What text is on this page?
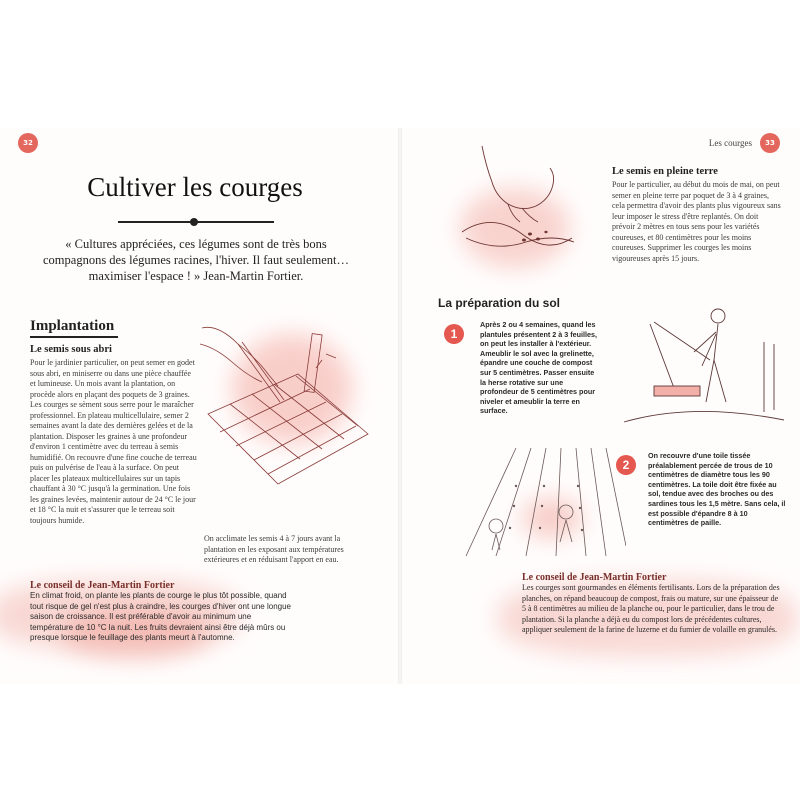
32
Cultiver les courges

« Cultures appréciées, ces légumes sont de très bons compagnons des légumes racines, l'hiver. Il faut seulement… maximiser l'espace ! » Jean-Martin Fortier.

Implantation
Le semis sous abri

Pour le jardinier particulier, on peut semer en godet sous abri, en miniserre ou dans une pièce chauffée et lumineuse. Un mois avant la plantation, on procède alors en plaçant des poquets de 3 graines. Les courges se sèment sous serre pour le maraîcher professionnel. En plateau multicellulaire, semer 2 semaines avant la date des dernières gelées et de la plantation. Disposer les graines à une profondeur d'environ 1 centimètre avec du terreau à semis humidifié. On recouvre d'une fine couche de terreau puis on pulvérise de l'eau à la surface. On peut placer les plateaux multicellulaires sur un tapis chauffant à 30 °C jusqu'à la germination. Une fois les graines levées, maintenir autour de 24 °C le jour et 18 °C la nuit et s'assurer que le terreau soit toujours humide.

On acclimate les semis 4 à 7 jours avant la plantation en les exposant aux températures extérieures et en réduisant l'apport en eau.

Le conseil de Jean-Martin Fortier

En climat froid, on plante les plants de courge le plus tôt possible, quand tout risque de gel n'est plus à craindre, les courges d'hiver ont une longue saison de croissance. Il est préférable d'avoir au minimum une température de 10 °C la nuit. Les fruits devraient ainsi être déjà mûrs ou presque lorsque le feuillage des plants meurt à l'automne.

Les courges	33
Le semis en pleine terre

Pour le particulier, au début du mois de mai, on peut semer en pleine terre par poquet de 3 à 4 graines, cela permettra d'avoir des plants plus vigoureux sans leur imposer le stress d'être replantés. On doit prévoir 2 mètres en tous sens pour les variétés coureuses, et 80 centimètres pour les moins coureuses. Supprimer les courges les moins vigoureuses après 15 jours.

La préparation du sol
1

Après 2 ou 4 semaines, quand les plantules présentent 2 à 3 feuilles, on peut les installer à l'extérieur. Ameublir le sol avec la grelinette, épandre une couche de compost sur 5 centimètres. Passer ensuite la herse rotative sur une profondeur de 5 centimètres pour niveler et ameublir la terre en surface.

2

On recouvre d'une toile tissée préalablement percée de trous de 10 centimètres de diamètre tous les 90 centimètres. La toile doit être fixée au sol, tendue avec des broches ou des sardines tous les 1,5 mètre. Sans cela, il est possible d'épandre 8 à 10 centimètres de paille.

Le conseil de Jean-Martin Fortier

Les courges sont gourmandes en éléments fertilisants. Lors de la préparation des planches, on répand beaucoup de compost, frais ou mature, sur une épaisseur de 5 à 8 centimètres au milieu de la planche ou, pour le particulier, dans le trou de plantation. Si la planche a déjà eu du compost lors de précédentes cultures, appliquer seulement de la farine de luzerne et du fumier de volaille en granulés.
